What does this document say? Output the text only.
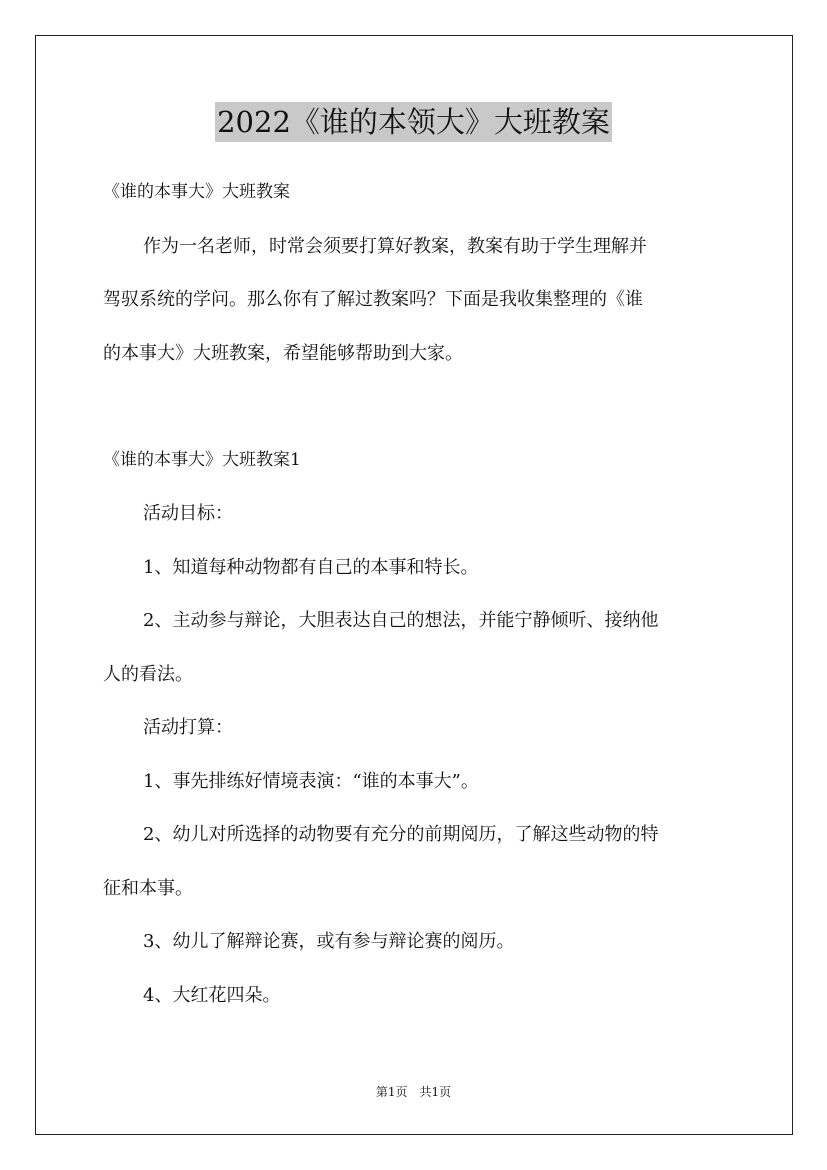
2022《谁的本领大》大班教案

《谁的本事大》大班教案

作为一名老师，时常会须要打算好教案，教案有助于学生理解并

驾驭系统的学问。那么你有了解过教案吗？下面是我收集整理的《谁

的本事大》大班教案，希望能够帮助到大家。

《谁的本事大》大班教案1

活动目标：

1、知道每种动物都有自己的本事和特长。

2、主动参与辩论，大胆表达自己的想法，并能宁静倾听、接纳他

人的看法。

活动打算：

1、事先排练好情境表演：“谁的本事大”。

2、幼儿对所选择的动物要有充分的前期阅历，了解这些动物的特

征和本事。

3、幼儿了解辩论赛，或有参与辩论赛的阅历。

4、大红花四朵。

第1页　共1页
